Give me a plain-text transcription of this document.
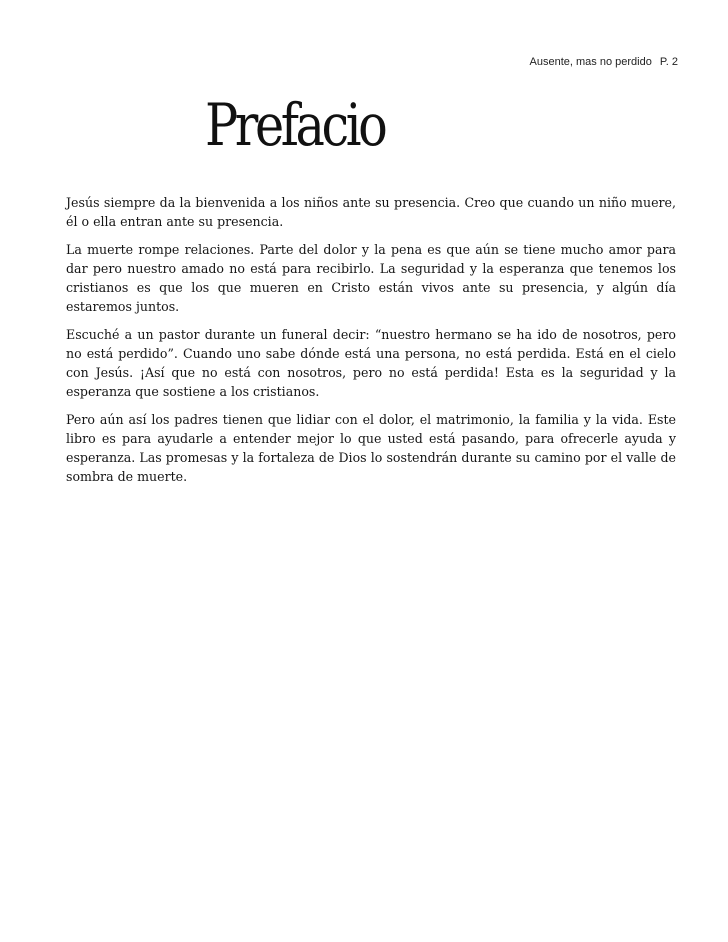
Ausente, mas no perdido P. 2
Prefacio

Jesús siempre da la bienvenida a los niños ante su presencia. Creo que cuando un niño muere, él o ella entran ante su presencia.

La muerte rompe relaciones. Parte del dolor y la pena es que aún se tiene mucho amor para dar pero nuestro amado no está para recibirlo. La seguridad y la esperanza que tenemos los cristianos es que los que mueren en Cristo están vivos ante su presencia, y algún día estaremos juntos.

Escuché a un pastor durante un funeral decir: “nuestro hermano se ha ido de nosotros, pero no está perdido”. Cuando uno sabe dónde está una persona, no está perdida. Está en el cielo con Jesús. ¡Así que no está con nosotros, pero no está perdida! Esta es la seguridad y la esperanza que sostiene a los cristianos.

Pero aún así los padres tienen que lidiar con el dolor, el matrimonio, la familia y la vida. Este libro es para ayudarle a entender mejor lo que usted está pasando, para ofrecerle ayuda y esperanza. Las promesas y la fortaleza de Dios lo sostendrán durante su camino por el valle de sombra de muerte.
